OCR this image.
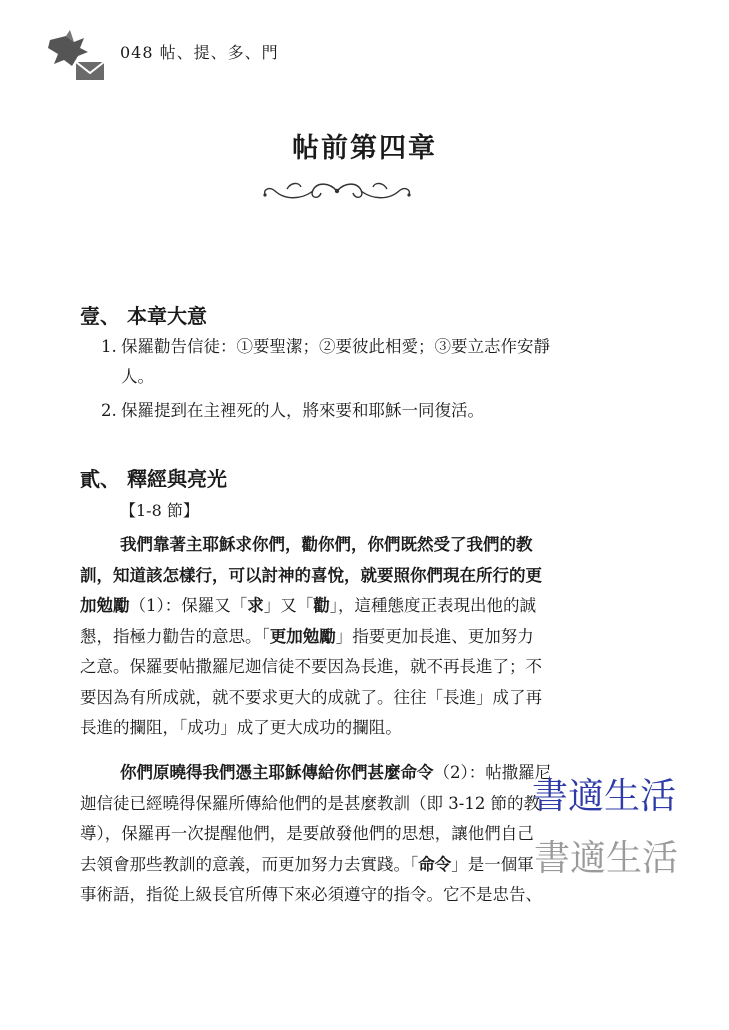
048 帖、提、多、門
帖前第四章
壹、 本章大意
1. 保羅勸告信徒：①要聖潔；②要彼此相愛；③要立志作安靜
人。
2. 保羅提到在主裡死的人，將來要和耶穌一同復活。
貳、 釋經與亮光
【1-8 節】
我們靠著主耶穌求你們，勸你們，你們既然受了我們的教
訓，知道該怎樣行，可以討神的喜悅，就要照你們現在所行的更
加勉勵（1）：保羅又「求」又「勸」，這種態度正表現出他的誠
懇，指極力勸告的意思。「更加勉勵」指要更加長進、更加努力
之意。保羅要帖撒羅尼迦信徒不要因為長進，就不再長進了；不
要因為有所成就，就不要求更大的成就了。往往「長進」成了再
長進的攔阻，「成功」成了更大成功的攔阻。
你們原曉得我們憑主耶穌傳給你們甚麼命令（2）：帖撒羅尼
迦信徒已經曉得保羅所傳給他們的是甚麼教訓（即 3-12 節的教
導），保羅再一次提醒他們，是要啟發他們的思想，讓他們自己
去領會那些教訓的意義，而更加努力去實踐。「命令」是一個軍
事術語，指從上級長官所傳下來必須遵守的指令。它不是忠告、
書適生活
書適生活
